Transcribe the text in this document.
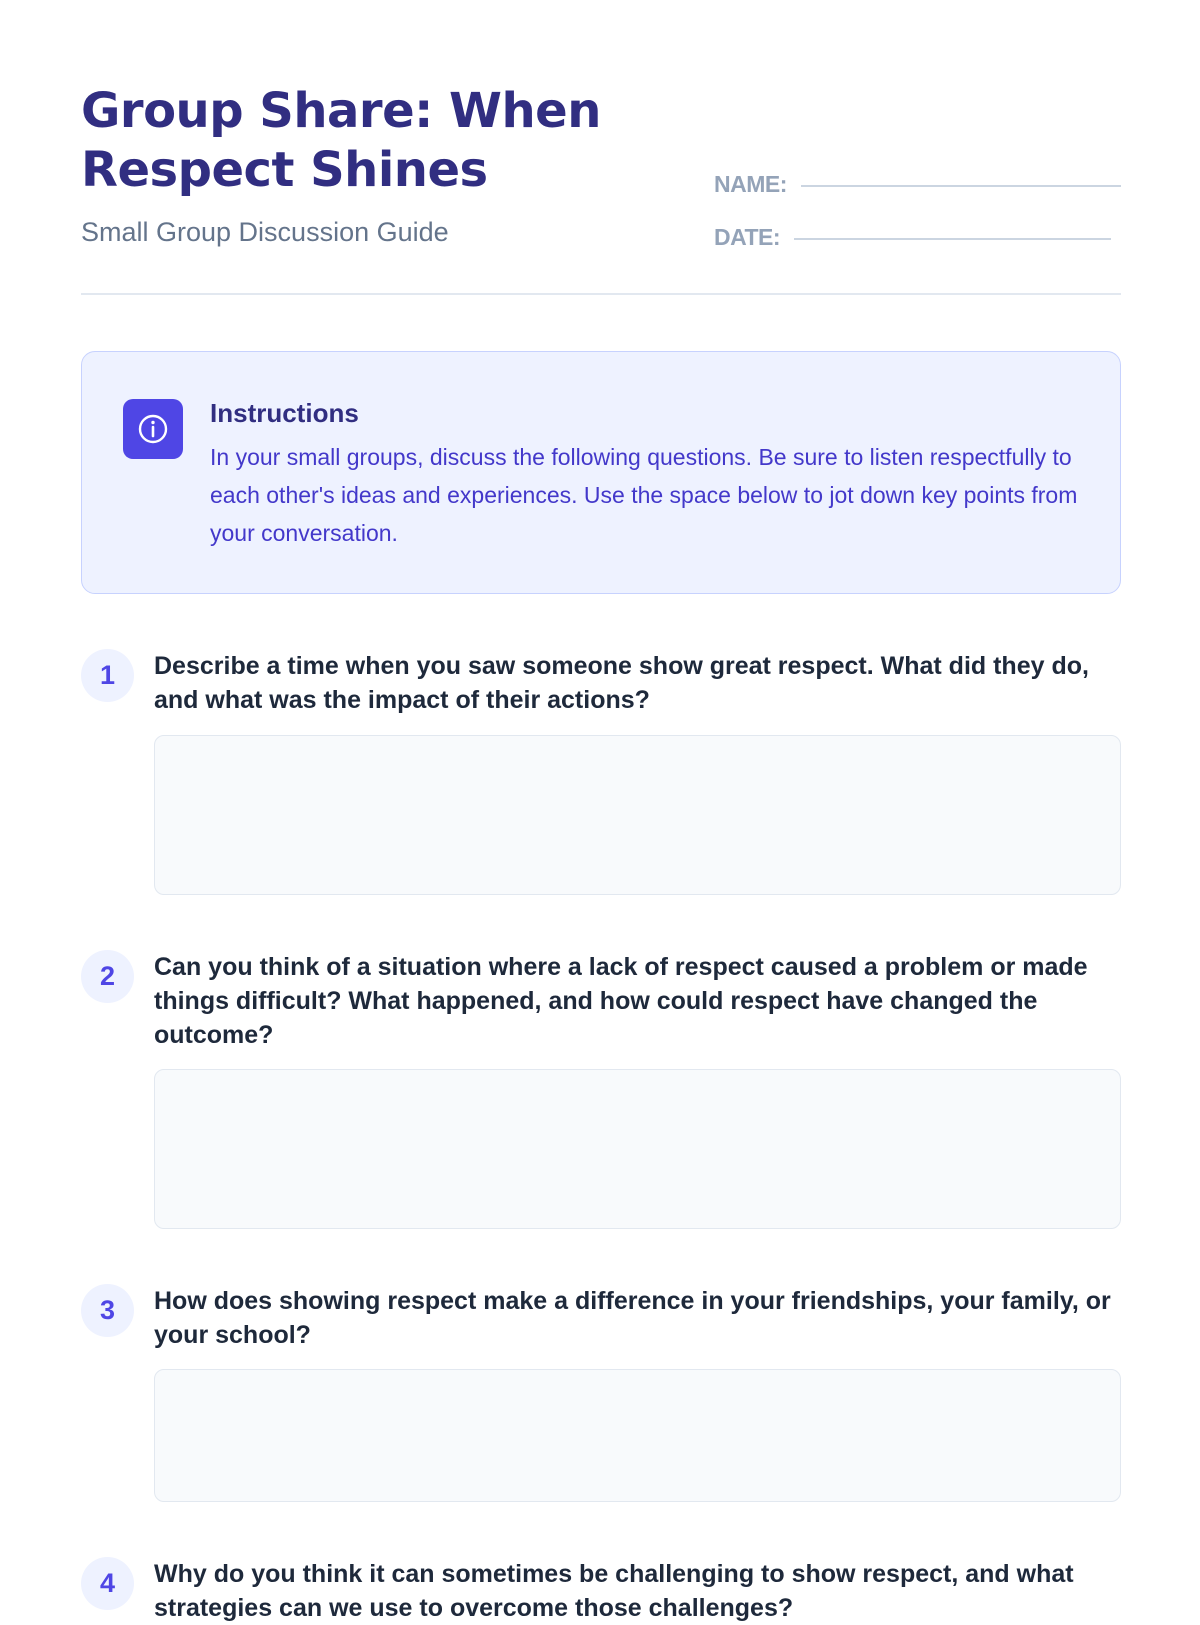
Group Share: When Respect Shines
Small Group Discussion Guide
NAME:
DATE:
Instructions

In your small groups, discuss the following questions. Be sure to listen respectfully to each other's ideas and experiences. Use the space below to jot down key points from your conversation.

1	Describe a time when you saw someone show great respect. What did they do, and what was the impact of their actions?
2	Can you think of a situation where a lack of respect caused a problem or made things difficult? What happened, and how could respect have changed the outcome?
3	How does showing respect make a difference in your friendships, your family, or your school?
4	Why do you think it can sometimes be challenging to show respect, and what strategies can we use to overcome those challenges?
